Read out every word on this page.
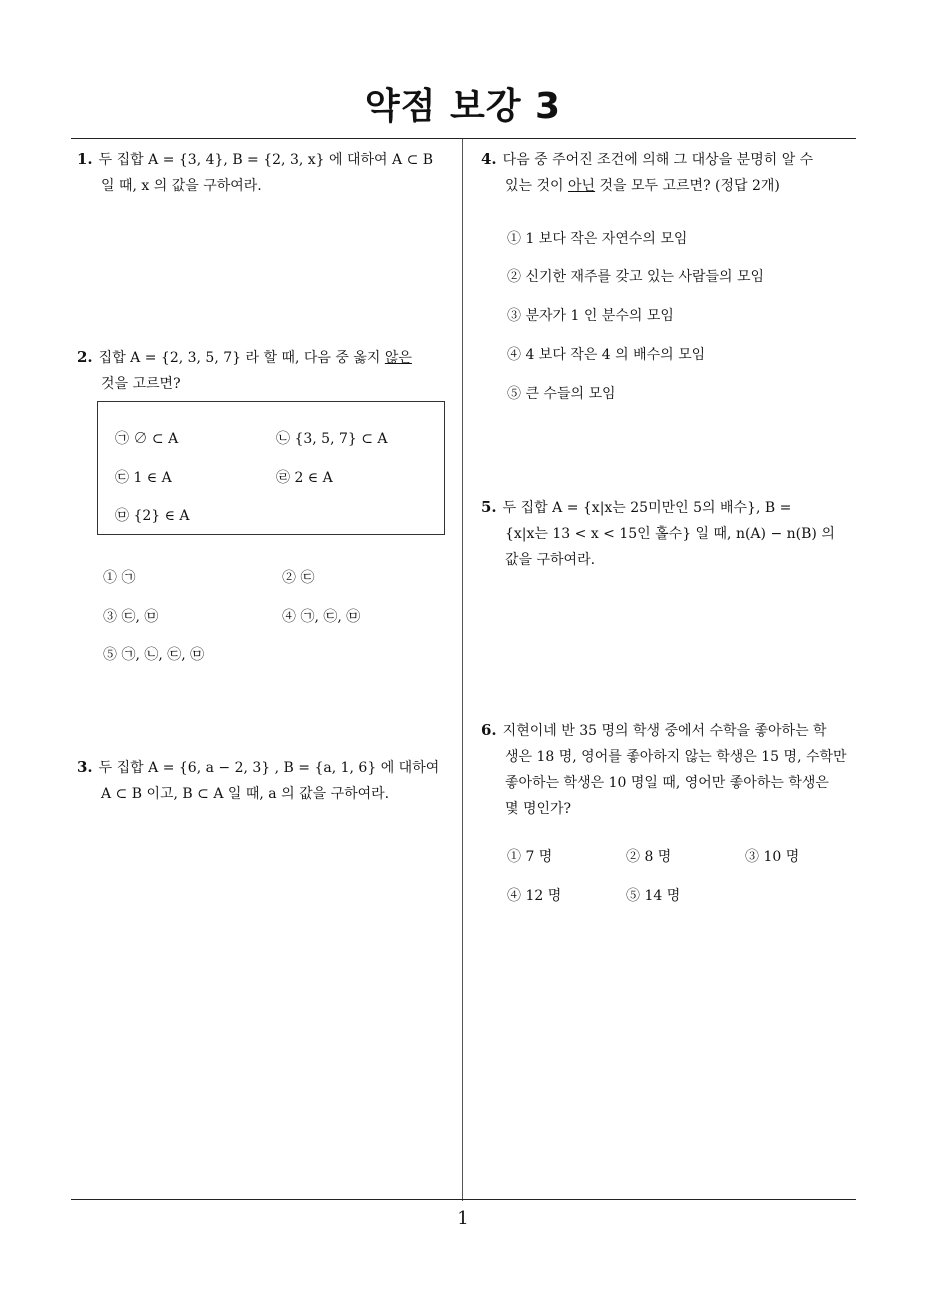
약점 보강 3
1
1. 두 집합 A = {3, 4}, B = {2, 3, x} 에 대하여 A ⊂ B
일 때, x 의 값을 구하여라.
2. 집합 A = {2, 3, 5, 7} 라 할 때, 다음 중 옳지 않은
것을 고르면?
㉠ ∅ ⊂ A	㉡ {3, 5, 7} ⊂ A
㉢ 1 ∈ A	㉣ 2 ∈ A
㉤ {2} ∈ A
① ㉠	② ㉢
③ ㉢, ㉤	④ ㉠, ㉢, ㉤
⑤ ㉠, ㉡, ㉢, ㉤
3. 두 집합 A = {6, a − 2, 3} , B = {a, 1, 6} 에 대하여
A ⊂ B 이고, B ⊂ A 일 때, a 의 값을 구하여라.
4. 다음 중 주어진 조건에 의해 그 대상을 분명히 알 수
있는 것이 아닌 것을 모두 고르면? (정답 2개)
① 1 보다 작은 자연수의 모임
② 신기한 재주를 갖고 있는 사람들의 모임
③ 분자가 1 인 분수의 모임
④ 4 보다 작은 4 의 배수의 모임
⑤ 큰 수들의 모임
5. 두 집합 A = {x|x는 25미만인 5의 배수}, B =
{x|x는 13 < x < 15인 홀수} 일 때, n(A) − n(B) 의
값을 구하여라.
6. 지현이네 반 35 명의 학생 중에서 수학을 좋아하는 학
생은 18 명, 영어를 좋아하지 않는 학생은 15 명, 수학만
좋아하는 학생은 10 명일 때, 영어만 좋아하는 학생은
몇 명인가?
① 7 명	② 8 명	③ 10 명
④ 12 명	⑤ 14 명
